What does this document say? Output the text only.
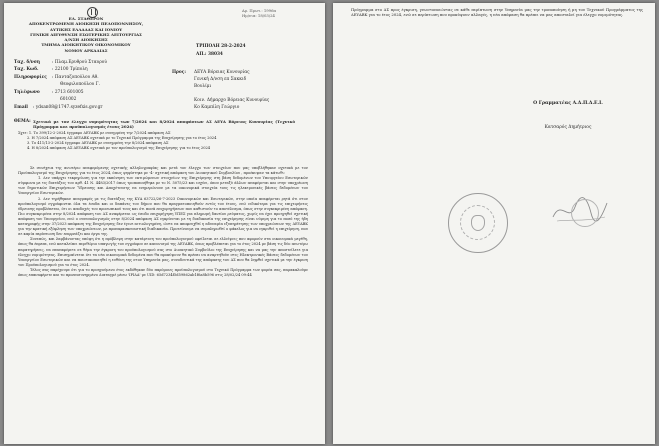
ΕΛ. ΣΤΑΘΕΡΟΝ
ΑΠΟΚΕΝΤΡΩΜΕΝΗ ΔΙΟΙΚΗΣΗ ΠΕΛΟΠΟΝΝΗΣΟΥ,
ΔΥΤΙΚΗΣ ΕΛΛΑΔΑΣ ΚΑΙ ΙΟΝΙΟΥ
ΓΕΝΙΚΗ ΔΙΕΥΘΥΝΣΗ ΕΣΩΤΕΡΙΚΗΣ ΛΕΙΤΟΥΡΓΙΑΣ
Δ/ΝΣΗ ΔΙΟΙΚΗΣΗΣ
ΤΜΗΜΑ ΔΙΟΙΚΗΤΙΚΟΥ ΟΙΚΟΝΟΜΙΚΟΥ
ΝΟΜΟΥ ΑΡΚΑΔΙΑΣ
Αρ. Πρωτ.: 1996α
Ημ/νια: 18/03/24
ΤΡΙΠΟΛΗ 28-2-2024
ΑΠ.: 38034
Ταχ. δ/νση	: Πλαμ.Ερυθρού Σταυρού
Ταχ. Κωδ.	: 22100 Τρίπολη
Πληροφορίες : Πανταζοπούλου Αθ.
Θεοφιλοπούλου Γ.
Τηλέφωνο	: 2713 601005
601002
Email : ydsan08@1747.syzefxis.gov.gr
Προς: ΔΕΥΑ Βόρειας Κυνουρίας
Γενική Δ/νση επ Σακκιδ
Βουλίμι
Κοιν. Δήμαρχο Βόρειας Κυνουρίας
Κο Καμπίλη Γεώργιο
ΘΕΜΑ: Σχετικά με τον έλεγχο νομιμότητας των 7/2024 και 8/2024 αποφάσεων ΔΣ ΔΕΥΑ Βόρειας Κυνουρίας (Τεχνικό Πρόγραμμα και προϋπολογισμός έτους 2024)

Σχετ: 1. Το 399/12-2-2024 έγγραφο ΔΕΥΑΒΚ με συνημμένη την 7/2024 απόφαση ΔΣ

2. Η 7/2024 απόφαση ΔΣ ΔΕΥΑΒΚ σχετικά με το Τεχνικό Πρόγραμμα της Επιχείρησης για το έτος 2024

3. Το 411/13-2-2024 έγγραφο ΔΕΥΑΒΚ με συνημμένη την 8/2024 απόφαση ΔΣ

4. Η 8/2024 απόφαση ΔΣ ΔΕΥΑΒΚ σχετικά με τον προϋπολογισμό της Επιχείρησης για το έτος 2024

Σε συνέχεια της ανωτέρω αναφερόμενης σχετικής αλληλογραφίας και μετά τον έλεγχο των στοιχείων που μας υποβλήθηκαν σχετικά με τον Προϋπολογισμό της Επιχείρησης για το έτος 2024, όπως ψηφίστηκε με -4- σχετική απόφαση του Διοικητικού Συμβουλίου , προέκυψαν τα κάτωθι:

1. Δεν υπάρχει τεκμηρίωση για την εκπόνηση των εκτιμώμενων στοιχείων της Επιχείρησης στη βάση δεδομένων του Υπουργείου Εσωτερικών σύμφωνα με τις διατάξεις του αρθ. 41 Ν. 4483/2017 όπως τροποποιήθηκε με το Ν. 5075/23 και ισχύει, όπου μεταξύ άλλων αναφέρεται και στην υποχρέωση των δημοτικών Επιχειρήσεων Ύδρευσης και Αποχέτευσης να ενημερώνουν με τα οικονομικά στοιχεία τους τις ηλεκτρονικές βάσεις δεδομένων του Υπουργείου Εσωτερικών.

2. Δεν τηρήθηκαν αναγραφές με τις διατάξεις της ΚΥΑ 63722/26-7-2023 Οικονομικών και Εσωτερικών, στην οποία αναφέρεται ρητά ότι στον προϋπολογισμό εγγράφονται όλα τα έσοδα και οι δαπάνες του δήμου που θα πραγματοποιηθούν εντός του έτους, ενώ ειδικότερα για τις επιχειρήσεις ύδρευσης προβλέπεται, ότι οι αποδοχές του προσωπικού τους και ότι ποσά επιχορηγήσεων που καθιστούν το αποτέλεσμα, όπως στην συγκεκριμένη απόφαση. Πιο συγκεκριμένα στην 8/2024 απόφαση του ΔΣ αναφέρεται ως έσοδο επιχορήγηση ΥΠΕΣ για πληρωμή δανείου ρεύματος, χωρίς να έχει προηγηθεί σχετική απόφαση του Υπουργείου, ενώ ο συνυπολογισμός στην 8/2024 απόφαση ΔΣ εγκρίνεται με τη διαδικασία της επιχείρησης είναι νόμιμη για το ποσό της ήδη καταγραφής στην 37/2023 απόφαση της Επιχείρησης δεν έγινε αιτιολογημένη, ώστε να αποφευχθεί η αδυναμία εξυπηρέτησης των υποχρεώσεων της ΔΕΥΑΒΚ για την κρατική εξόφληση των υποχρεώσεων, με προπαρασκευαστική διαδικασία. Προτείνουμε να συμπληρωθεί ο φάκελος για να εγκριθεί η επιχείρηση, που σε καμία περίπτωση δεν επιρρεάζει και έργα της.

Συνεπώς, και λαμβάνοντας υπόψη ότι η πρόβλεψη στην κατάρτιση του προϋπολογισμού οφείλεται σε ελλείψεις που αφορούν στα οικονομικά μεγέθη, όπως θα έπρεπε, ενώ καταλείπει περιθώριο υπαγωγής του εγγράφου σε κανονισμό της ΔΕΥΑΒΚ, όπως προβλέπεται για το έτος 2024 με βάση τις δύο ανωτέρω παρατηρήσεις, να επαναφέρετε σε θέμα την έγκριση του προϋπολογισμού σας στο Διοικητικό Συμβούλιο της Επιχείρησης και να μας την αποστείλετε για έλεγχο νομιμότητας. Επισημαίνεται ότι τα νέα οικονομικά δεδομένα που θα προκύψουν θα πρέπει να αναρτηθούν στις Ηλεκτρονικές Βάσεις δεδομένων του Υπουργείου Εσωτερικών και να ποιοτικοποιηθεί η ευθύνη της στον Υπηρεσία μας, συνοδευτικά της απόφασης του ΔΣ που θα ληφθεί σχετικά με την έγκριση του Προϋπολογισμού για το έτος 2024.

Τέλος σας παρέχουμε ότι για το προηγούμενο έτος εκδόθηκαν δύο παρόμοιες προϋπολογισμού στο Τεχνικό Πρόγραμμα των φορέα σας, παρακαλούμε όπως επαναφέρετε και το προεπισυνημμένο Διαταγμέ μέσω 'ΙΡΙΔΑ' με UID: 65d7234f5d59862ab1f6a8b596 στις 28/02/24 09:44

Πρόγραμμα στο ΔΣ προς έγκριση, γνωστοποιώντας σε κάθε περίπτωση στην Υπηρεσία μας την τροποποίηση ή μη του Τεχνικού Προγράμματος της ΔΕΥΑΒΚ για το έτος 2024, ενώ σε περίπτωση που προκύψουν αλλαγές, η νέα απόφαση θα πρέπει να μας αποσταλεί για έλεγχο νομιμότητας.
Ο Γραμματέας Α.Δ.Π.Δ.Ε.Ι.
Κατσαρός Δημήτριος
